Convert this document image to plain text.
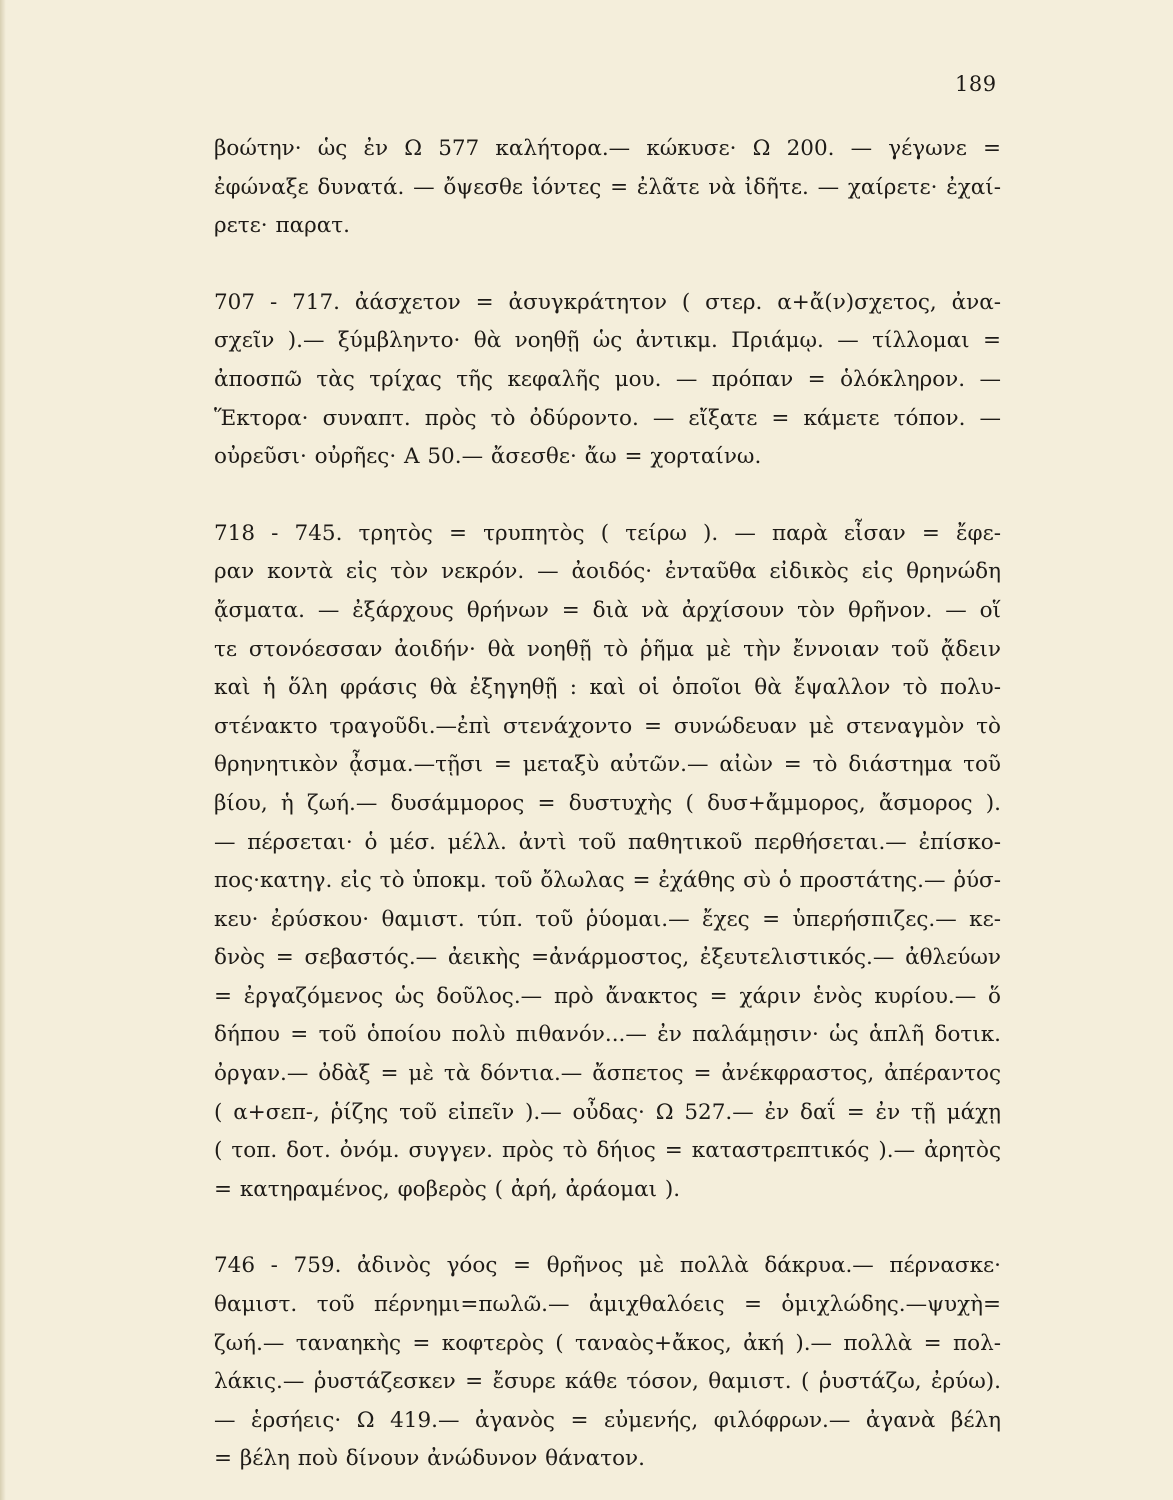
189
βοώτην· ὡς ἐν Ω 577 καλήτορα.— κώκυσε· Ω 200. — γέγωνε =
ἐφώναξε δυνατά. — ὄψεσθε ἰόντες = ἐλᾶτε νὰ ἰδῆτε. — χαίρετε· ἐχαί-
ρετε· παρατ.
707 - 717. ἀάσχετον = ἀσυγκράτητον ( στερ. α+ἄ(ν)σχετος, ἀνα-
σχεῖν ).— ξύμβληντο· θὰ νοηθῇ ὡς ἀντικμ. Πριάμῳ. — τίλλομαι =
ἀποσπῶ τὰς τρίχας τῆς κεφαλῆς μου. — πρόπαν = ὁλόκληρον. —
Ἕκτορα· συναπτ. πρὸς τὸ ὀδύροντο. — εἴξατε = κάμετε τόπον. —
οὐρεῦσι· οὐρῆες· Α 50.— ἄσεσθε· ἄω = χορταίνω.
718 - 745. τρητὸς = τρυπητὸς ( τείρω ). — παρὰ εἷσαν = ἔφε-
ραν κοντὰ εἰς τὸν νεκρόν. — ἀοιδός· ἐνταῦθα εἰδικὸς εἰς θρηνώδη
ᾄσματα. — ἐξάρχους θρήνων = διὰ νὰ ἀρχίσουν τὸν θρῆνον. — οἵ
τε στονόεσσαν ἀοιδήν· θὰ νοηθῇ τὸ ῥῆμα μὲ τὴν ἔννοιαν τοῦ ᾄδειν
καὶ ἡ ὅλη φράσις θὰ ἐξηγηθῇ : καὶ οἱ ὁποῖοι θὰ ἔψαλλον τὸ πολυ-
στένακτο τραγοῦδι.—ἐπὶ στενάχοντο = συνώδευαν μὲ στεναγμὸν τὸ
θρηνητικὸν ᾆσμα.—τῇσι = μεταξὺ αὐτῶν.— αἰὼν = τὸ διάστημα τοῦ
βίου, ἡ ζωή.— δυσάμμορος = δυστυχὴς ( δυσ+ἄμμορος, ἄσμορος ).
— πέρσεται· ὁ μέσ. μέλλ. ἀντὶ τοῦ παθητικοῦ περθήσεται.— ἐπίσκο-
πος·κατηγ. εἰς τὸ ὑποκμ. τοῦ ὄλωλας = ἐχάθης σὺ ὁ προστάτης.— ῥύσ-
κευ· ἐρύσκου· θαμιστ. τύπ. τοῦ ῥύομαι.— ἔχες = ὑπερήσπιζες.— κε-
δνὸς = σεβαστός.— ἀεικὴς =ἀνάρμοστος, ἐξευτελιστικός.— ἀθλεύων
= ἐργαζόμενος ὡς δοῦλος.— πρὸ ἄνακτος = χάριν ἑνὸς κυρίου.— ὅ
δήπου = τοῦ ὁποίου πολὺ πιθανόν...— ἐν παλάμῃσιν· ὡς ἁπλῆ δοτικ.
ὀργαν.— ὀδὰξ = μὲ τὰ δόντια.— ἄσπετος = ἀνέκφραστος, ἀπέραντος
( α+σεπ-, ῥίζης τοῦ εἰπεῖν ).— οὖδας· Ω 527.— ἐν δαΐ = ἐν τῇ μάχῃ
( τοπ. δοτ. ὀνόμ. συγγεν. πρὸς τὸ δήιος = καταστρεπτικός ).— ἀρητὸς
= κατηραμένος, φοβερὸς ( ἀρή, ἀράομαι ).
746 - 759. ἀδινὸς γόος = θρῆνος μὲ πολλὰ δάκρυα.— πέρνασκε·
θαμιστ. τοῦ πέρνημι=πωλῶ.— ἀμιχθαλόεις = ὁμιχλώδης.—ψυχὴ=
ζωή.— ταναηκὴς = κοφτερὸς ( ταναὸς+ἄκος, ἀκή ).— πολλὰ = πολ-
λάκις.— ῥυστάζεσκεν = ἔσυρε κάθε τόσον, θαμιστ. ( ῥυστάζω, ἐρύω).
— ἑρσήεις· Ω 419.— ἀγανὸς = εὐμενής, φιλόφρων.— ἀγανὰ βέλη
= βέλη ποὺ δίνουν ἀνώδυνον θάνατον.
